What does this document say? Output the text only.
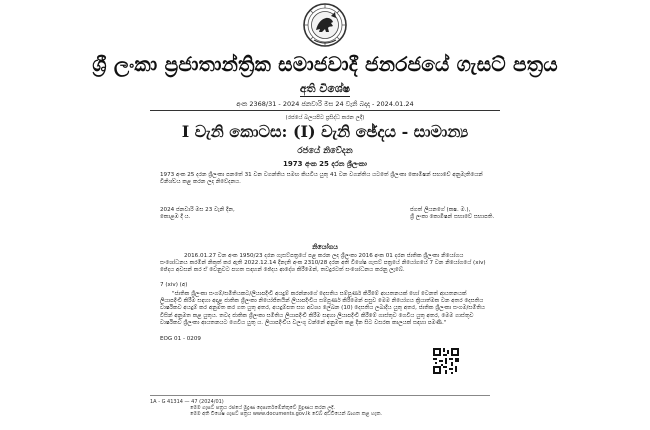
ශ්‍රී ලංකා ප්‍රජාතාන්ත්‍රික සමාජවාදී ජනරජයේ ගැසට් පත්‍රය
අති විශේෂ
අංක 2368/31 - 2024 ජනවාරි මස 24 වැනි බදාදා - 2024.01.24
(රජයේ බලයපිට ප්‍රසිද්ධ කරන ලදී)
I වැනි කොටස: (I) වැනි ඡේදය - සාමාන්‍ය
රජයේ නිවේදන
1973 අංක 25 දරන ශ්‍රීලංකා
1973 අංක 25 දරන ශ්‍රීලංකා පනතේ 31 වන වගන්තිය සමඟ කියවිය යුතු 41 වන වගන්තිය යටතේ ශ්‍රීලංකා කොමිෂන් සභාවේ අනුමැතියෙන් විනිශ්චය කළ කරන ලද නිවේදනය.
ජගත් ලියනගේ (කෂ. ම.),
ශ්‍රී ලංකා කොමිෂන් සභාවේ සභාපති.
2024 ජනවාරි මස 23 වැනි දින,
කොළඹ දී ය.
නියෝගය
2016.01.27 වන අංක 1950/23 දරන ගැසට්පත්‍රයේ පළ කරන ලද ශ්‍රීලංකා 2016 අංක 01 දරන ජාතික ශ්‍රීලංකා නියෝගය සංශෝධනය කරමින් නිකුත් කර ඇති 2022.12.14 දිනැති අංක 2310/28 දරන අති විශේෂ ගැසට් පත්‍රයේ නියෝගයේ 7 වන නියෝගයේ (xiv) ඡේදය අවසන් කර ඒ වෙනුවට පහත සඳහන් ඡේදය ආදේශ කිරීමෙන්, තවදුරටත් සංශෝධනය කරනු ලැබේ.
7 (xiv) (අ)
"ජාතික ශ්‍රීලංකා සංගම්/සමිතියකට/ලියාපදිංචි අයදුම් කරන්නාගේ දෙසතිය සම්පූර්ණ කිරීමේ ආයතනයක් හෝ වෙනත් ආයතනයක් ලියාපදිංචි කිරීම සඳහා අදාළ ජාතික ශ්‍රීලංකා නියෝජිතයින් ලියාපදිංචිය සම්පූර්ණ කිරීමෙන් පසුව මෙම නියෝගය ක්‍රියාත්මක වන අතර දෙසතිය වාර්ෂිකව අයදුම් කර අනුමත කර ගත යුතු අතර, අයදුම්පත සහ අවශ්‍ය ලේඛන (10) දෙසතිය ලබාදිය යුතු අතර, ජාතික ශ්‍රීලංකා සංගම/සමිතිය විසින් අනුමත කළ යුතුය. තවද ජාතික ශ්‍රීලංකා සමිතිය ලියාපදිංචි කිරීම සඳහා ලියාපදිංචි කිරීමේ ගාස්තුව ගෙවිය යුතු අතර, මෙම ගාස්තුව වාර්ෂිකව ශ්‍රීලංකා ආයතනයට ගෙවිය යුතු ය. ලියාපදිංචිය වලංගු වන්නේ අනුමත කළ දින සිට වසරක කාලයක් සඳහා පමණි."
EOG 01 - 0209
1A - G 41314 — 47 (2024/01)
මෙම ගැසට් පත්‍රය රජයේ මුද්‍රණ දෙපාර්තමේන්තුවේ මුද්‍රණය කරන ලදී.
මෙම අති විශේෂ ගැසට් පත්‍රය www.documents.gov.lk වෙබ් අඩවියෙන් බාගත කළ හැක.
